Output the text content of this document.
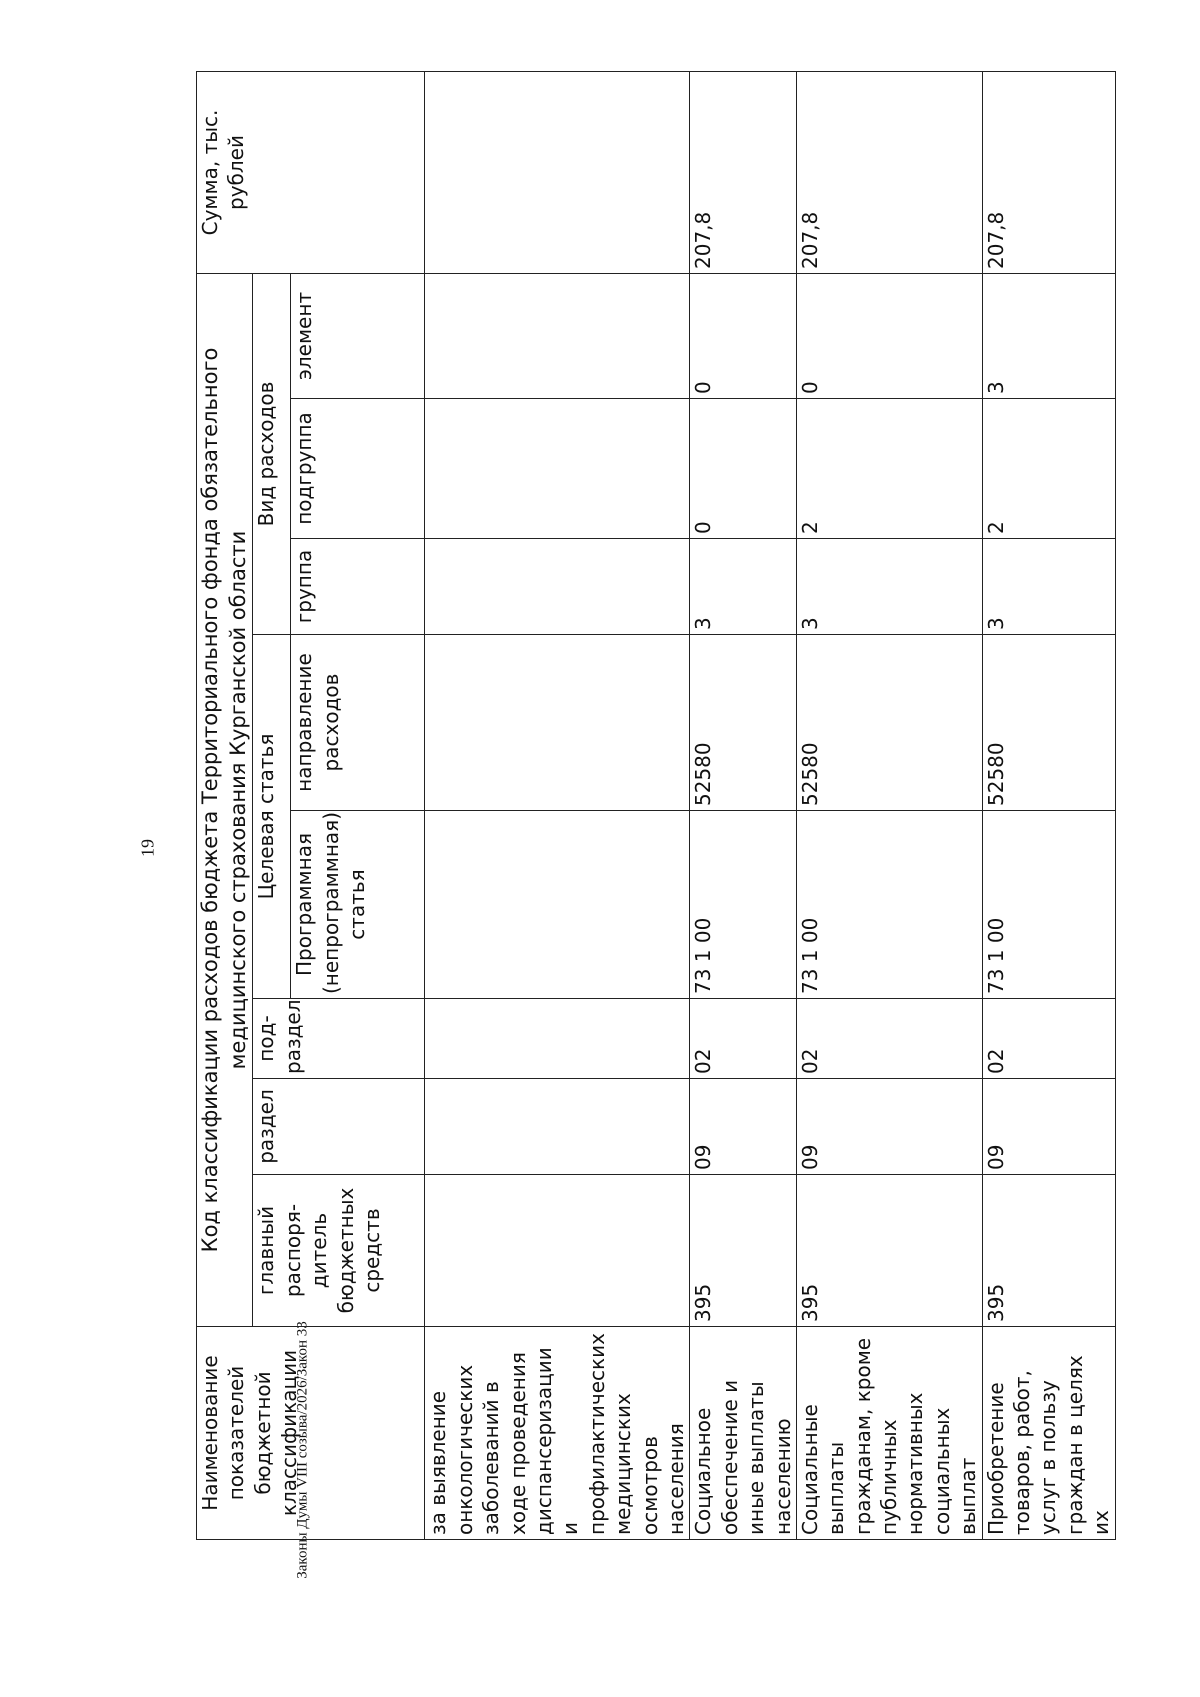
19
Законы Думы VIII созыва/2026/Закон 33
Наименование показателей бюджетной классификации	Код классификации расходов бюджета Территориального фонда обязательного медицинского страхования Курганской области								Сумма, тыс. рублей
	главный распоря-дитель бюджетных средств	раздел	под-раздел	Целевая статья		Вид расходов			
				Программная (непрограммная) статья	направление расходов	группа	подгруппа	элемент	

за выявление онкологических заболеваний в ходе проведения диспансеризации и профилактических медицинских осмотров населения									
Социальное обеспечение и иные выплаты населению	395	09	02	73 1 00	52580	3	0	0	207,8
Социальные выплаты гражданам, кроме публичных нормативных социальных выплат	395	09	02	73 1 00	52580	3	2	0	207,8
Приобретение товаров, работ, услуг в пользу граждан в целях их	395	09	02	73 1 00	52580	3	2	3	207,8
